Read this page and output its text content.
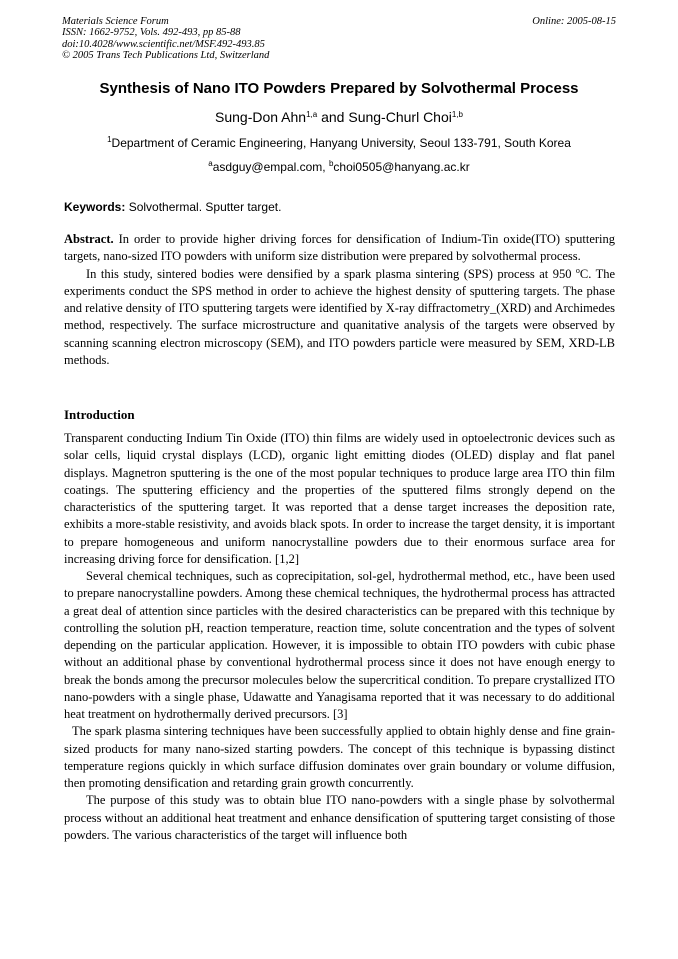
Materials Science Forum
ISSN: 1662-9752, Vols. 492-493, pp 85-88
doi:10.4028/www.scientific.net/MSF.492-493.85
© 2005 Trans Tech Publications Ltd, Switzerland
Online: 2005-08-15
Synthesis of Nano ITO Powders Prepared by Solvothermal Process
Sung-Don Ahn$^{1,a}$ and Sung-Churl Choi$^{1,b}$
$^1$Department of Ceramic Engineering, Hanyang University, Seoul 133-791, South Korea
$^a$asdguy@empal.com, $^b$choi0505@hanyang.ac.kr
Keywords: Solvothermal. Sputter target.

Abstract. In order to provide higher driving forces for densification of Indium-Tin oxide(ITO) sputtering targets, nano-sized ITO powders with uniform size distribution were prepared by solvothermal process.

In this study, sintered bodies were densified by a spark plasma sintering (SPS) process at 950 $^o$C. The experiments conduct the SPS method in order to achieve the highest density of sputtering targets. The phase and relative density of ITO sputtering targets were identified by X-ray diffractometry_(XRD) and Archimedes method, respectively. The surface microstructure and quanitative analysis of the targets were observed by scanning scanning electron microscopy (SEM), and ITO powders particle were measured by SEM, XRD-LB methods.

Introduction

Transparent conducting Indium Tin Oxide (ITO) thin films are widely used in optoelectronic devices such as solar cells, liquid crystal displays (LCD), organic light emitting diodes (OLED) display and flat panel displays. Magnetron sputtering is the one of the most popular techniques to produce large area ITO thin film coatings. The sputtering efficiency and the properties of the sputtered films strongly depend on the characteristics of the sputtering target. It was reported that a dense target increases the deposition rate, exhibits a more-stable resistivity, and avoids black spots. In order to increase the target density, it is important to prepare homogeneous and uniform nanocrystalline powders due to their enormous surface area for increasing driving force for densification. [1,2]

Several chemical techniques, such as coprecipitation, sol-gel, hydrothermal method, etc., have been used to prepare nanocrystalline powders. Among these chemical techniques, the hydrothermal process has attracted a great deal of attention since particles with the desired characteristics can be prepared with this technique by controlling the solution pH, reaction temperature, reaction time, solute concentration and the types of solvent depending on the particular application. However, it is impossible to obtain ITO powders with cubic phase without an additional phase by conventional hydrothermal process since it does not have enough energy to break the bonds among the precursor molecules below the supercritical condition. To prepare crystallized ITO nano-powders with a single phase, Udawatte and Yanagisama reported that it was necessary to do additional heat treatment on hydrothermally derived precursors. [3]

The spark plasma sintering techniques have been successfully applied to obtain highly dense and fine grain-sized products for many nano-sized starting powders. The concept of this technique is bypassing distinct temperature regions quickly in which surface diffusion dominates over grain boundary or volume diffusion, then promoting densification and retarding grain growth concurrently.

The purpose of this study was to obtain blue ITO nano-powders with a single phase by solvothermal process without an additional heat treatment and enhance densification of sputtering target consisting of those powders. The various characteristics of the target will influence both
